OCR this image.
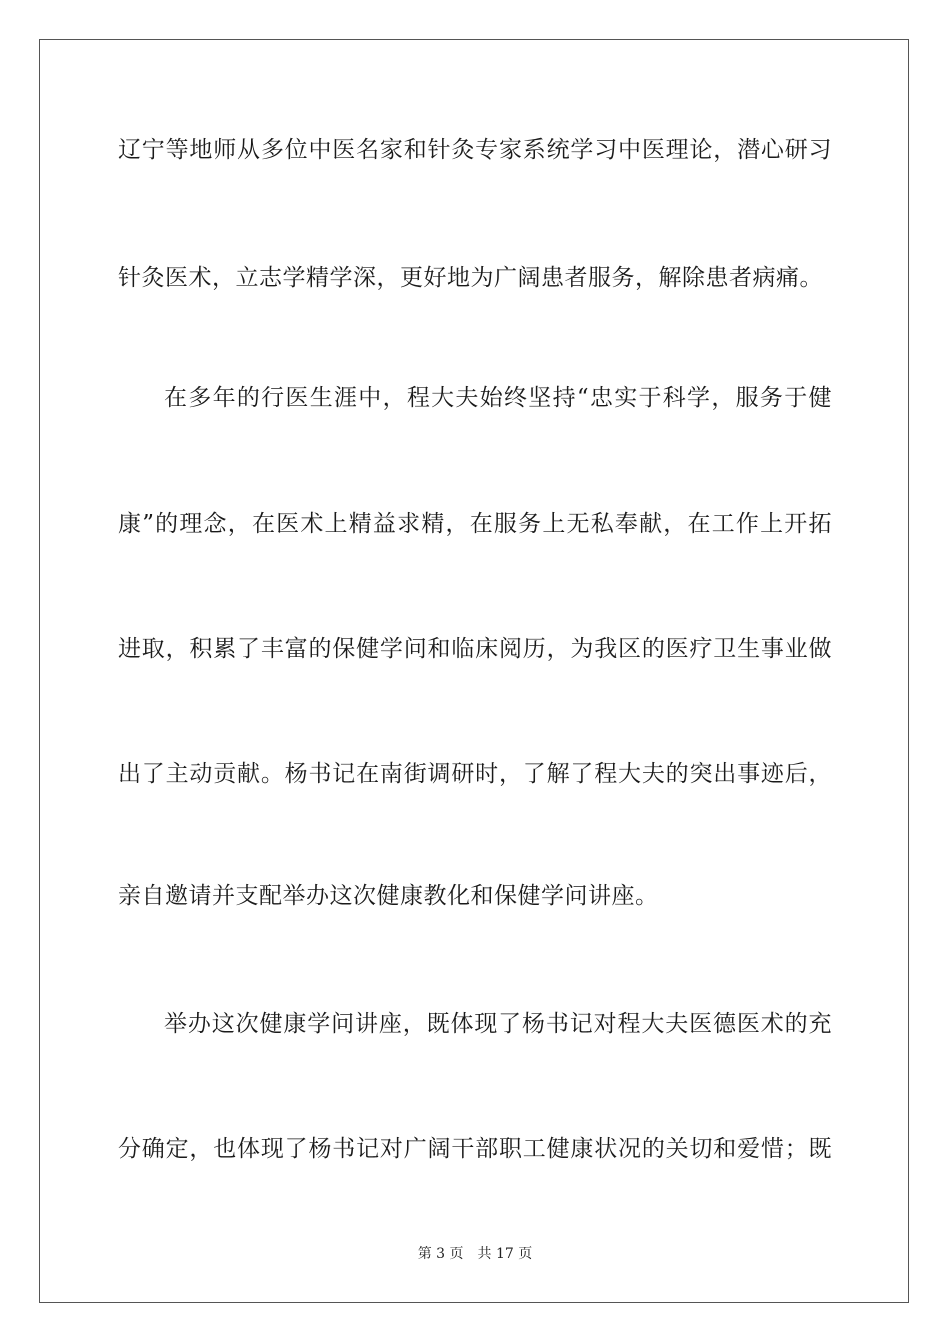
辽宁等地师从多位中医名家和针灸专家系统学习中医理论，潜心研习
针灸医术，立志学精学深，更好地为广阔患者服务，解除患者病痛。
在多年的行医生涯中，程大夫始终坚持“忠实于科学，服务于健
康”的理念，在医术上精益求精，在服务上无私奉献，在工作上开拓
进取，积累了丰富的保健学问和临床阅历，为我区的医疗卫生事业做
出了主动贡献。杨书记在南街调研时，了解了程大夫的突出事迹后，
亲自邀请并支配举办这次健康教化和保健学问讲座。
举办这次健康学问讲座，既体现了杨书记对程大夫医德医术的充
分确定，也体现了杨书记对广阔干部职工健康状况的关切和爱惜；既
第 3 页 共 17 页
